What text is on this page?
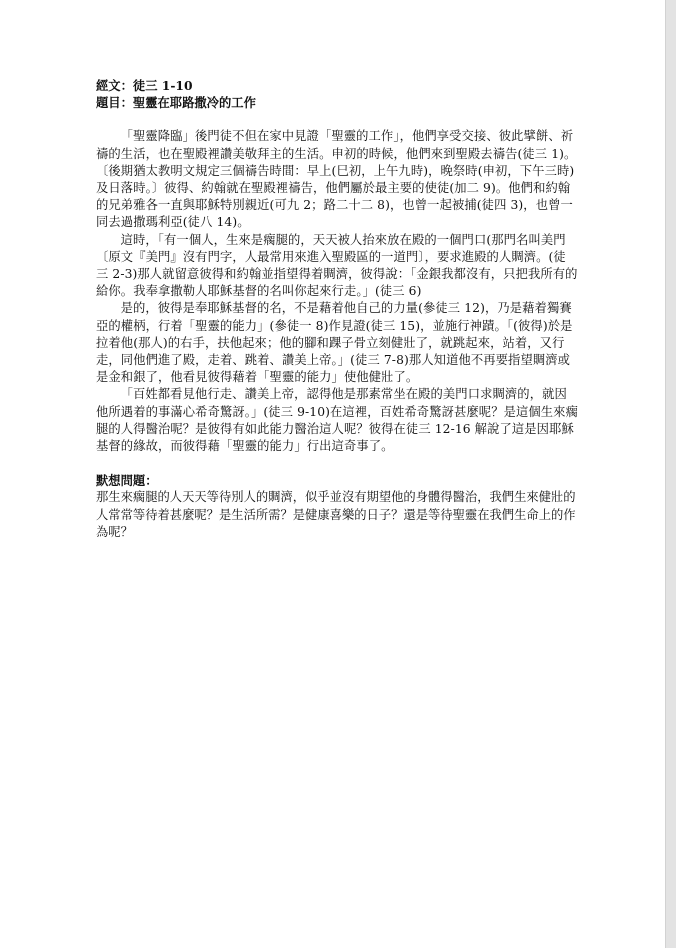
經文：徒三 1-10

題目：聖靈在耶路撒冷的工作

「聖靈降臨」後門徒不但在家中見證「聖靈的工作」，他們享受交接、彼此擘餅、祈禱的生活，也在聖殿裡讚美敬拜主的生活。申初的時候，他們來到聖殿去禱告(徒三 1)。〔後期猶太教明文規定三個禱告時間：早上(巳初，上午九時)，晚祭時(申初，下午三時)及日落時。〕彼得、約翰就在聖殿裡禱告，他們屬於最主要的使徒(加二 9)。他們和約翰的兄弟雅各一直與耶穌特別親近(可九 2；路二十二 8)，也曾一起被捕(徒四 3)，也曾一同去過撒瑪利亞(徒八 14)。

這時，「有一個人，生來是瘸腿的，天天被人抬來放在殿的一個門口(那門名叫美門〔原文『美門』沒有門字，人最常用來進入聖殿區的一道門〕，要求進殿的人賙濟。(徒三 2-3)那人就留意彼得和約翰並指望得着賙濟，彼得說：「金銀我都沒有，只把我所有的給你。我奉拿撒勒人耶穌基督的名叫你起來行走。」(徒三 6)

是的，彼得是奉耶穌基督的名，不是藉着他自己的力量(參徒三 12)，乃是藉着獨賽亞的權柄，行着「聖靈的能力」(參徒一 8)作見證(徒三 15)，並施行神蹟。「(彼得)於是拉着他(那人)的右手，扶他起來；他的腳和踝子骨立刻健壯了，就跳起來，站着，又行走，同他們進了殿，走着、跳着、讚美上帝。」(徒三 7-8)那人知道他不再要指望賙濟或是金和銀了，他看見彼得藉着「聖靈的能力」使他健壯了。

「百姓都看見他行走、讚美上帝，認得他是那素常坐在殿的美門口求賙濟的，就因他所遇着的事滿心希奇驚訝。」(徒三 9-10)在這裡，百姓希奇驚訝甚麼呢？是這個生來瘸腿的人得醫治呢？是彼得有如此能力醫治這人呢？彼得在徒三 12-16 解說了這是因耶穌基督的緣故，而彼得藉「聖靈的能力」行出這奇事了。

默想問題：

那生來瘸腿的人天天等待別人的賙濟，似乎並沒有期望他的身體得醫治，我們生來健壯的人常常等待着甚麼呢？是生活所需？是健康喜樂的日子？還是等待聖靈在我們生命上的作為呢？
